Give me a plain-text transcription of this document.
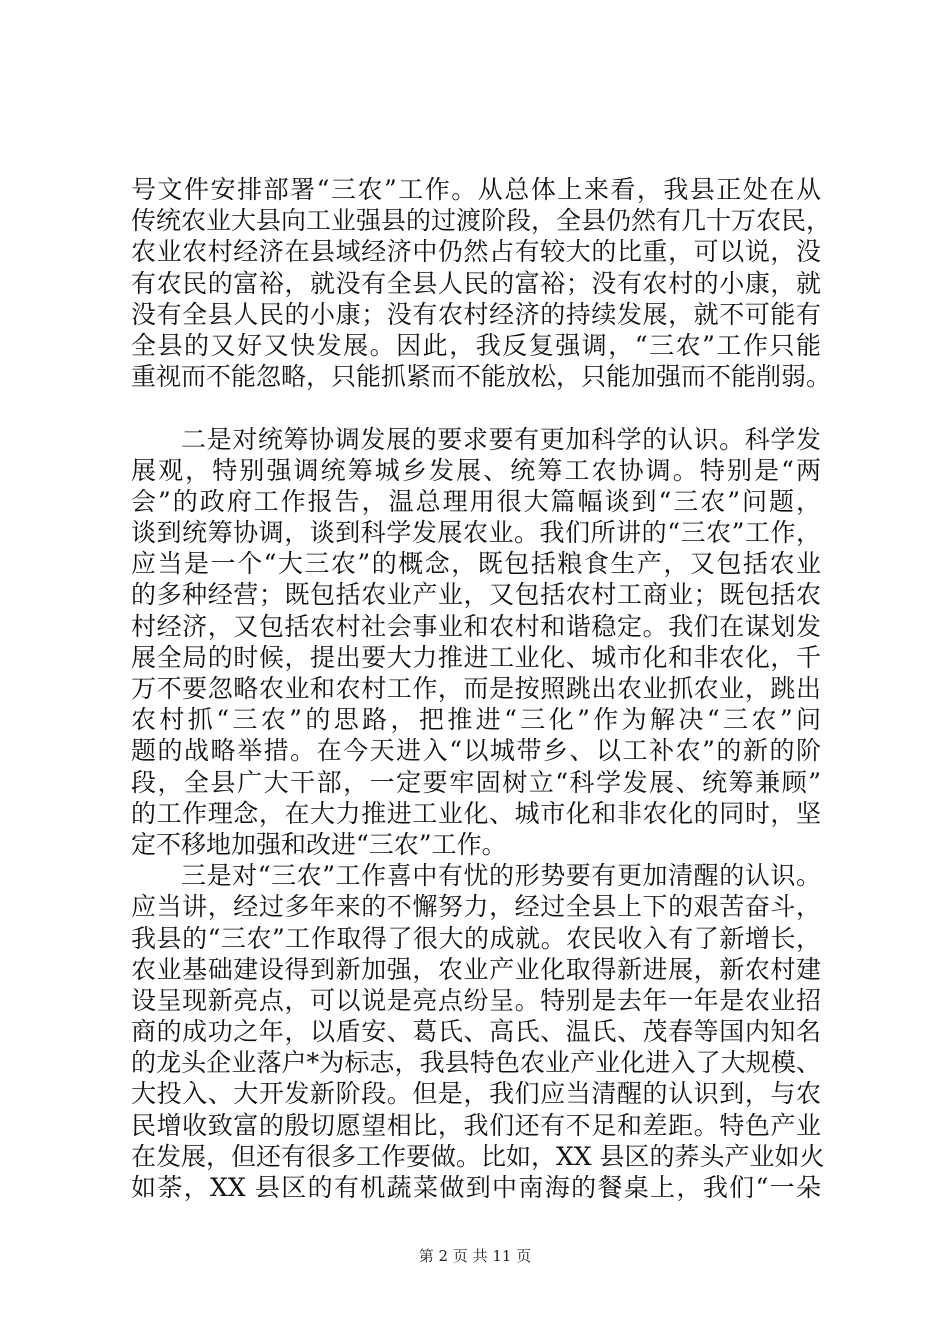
号文件安排部署“三农”工作。从总体上来看，我县正处在从
传统农业大县向工业强县的过渡阶段，全县仍然有几十万农民，
农业农村经济在县域经济中仍然占有较大的比重，可以说，没
有农民的富裕，就没有全县人民的富裕；没有农村的小康，就
没有全县人民的小康；没有农村经济的持续发展，就不可能有
全县的又好又快发展。因此，我反复强调，“三农”工作只能
重视而不能忽略，只能抓紧而不能放松，只能加强而不能削弱。
二是对统筹协调发展的要求要有更加科学的认识。科学发
展观，特别强调统筹城乡发展、统筹工农协调。特别是“两
会”的政府工作报告，温总理用很大篇幅谈到“三农”问题，
谈到统筹协调，谈到科学发展农业。我们所讲的“三农”工作，
应当是一个“大三农”的概念，既包括粮食生产，又包括农业
的多种经营；既包括农业产业，又包括农村工商业；既包括农
村经济，又包括农村社会事业和农村和谐稳定。我们在谋划发
展全局的时候，提出要大力推进工业化、城市化和非农化，千
万不要忽略农业和农村工作，而是按照跳出农业抓农业，跳出
农村抓“三农”的思路，把推进“三化”作为解决“三农”问
题的战略举措。在今天进入“以城带乡、以工补农”的新的阶
段，全县广大干部，一定要牢固树立“科学发展、统筹兼顾”
的工作理念，在大力推进工业化、城市化和非农化的同时，坚
定不移地加强和改进“三农”工作。
三是对“三农”工作喜中有忧的形势要有更加清醒的认识。
应当讲，经过多年来的不懈努力，经过全县上下的艰苦奋斗，
我县的“三农”工作取得了很大的成就。农民收入有了新增长，
农业基础建设得到新加强，农业产业化取得新进展，新农村建
设呈现新亮点，可以说是亮点纷呈。特别是去年一年是农业招
商的成功之年，以盾安、葛氏、高氏、温氏、茂春等国内知名
的龙头企业落户*为标志，我县特色农业产业化进入了大规模、
大投入、大开发新阶段。但是，我们应当清醒的认识到，与农
民增收致富的殷切愿望相比，我们还有不足和差距。特色产业
在发展，但还有很多工作要做。比如，XX 县区的荞头产业如火
如荼，XX 县区的有机蔬菜做到中南海的餐桌上，我们“一朵
第 2 页 共 11 页
